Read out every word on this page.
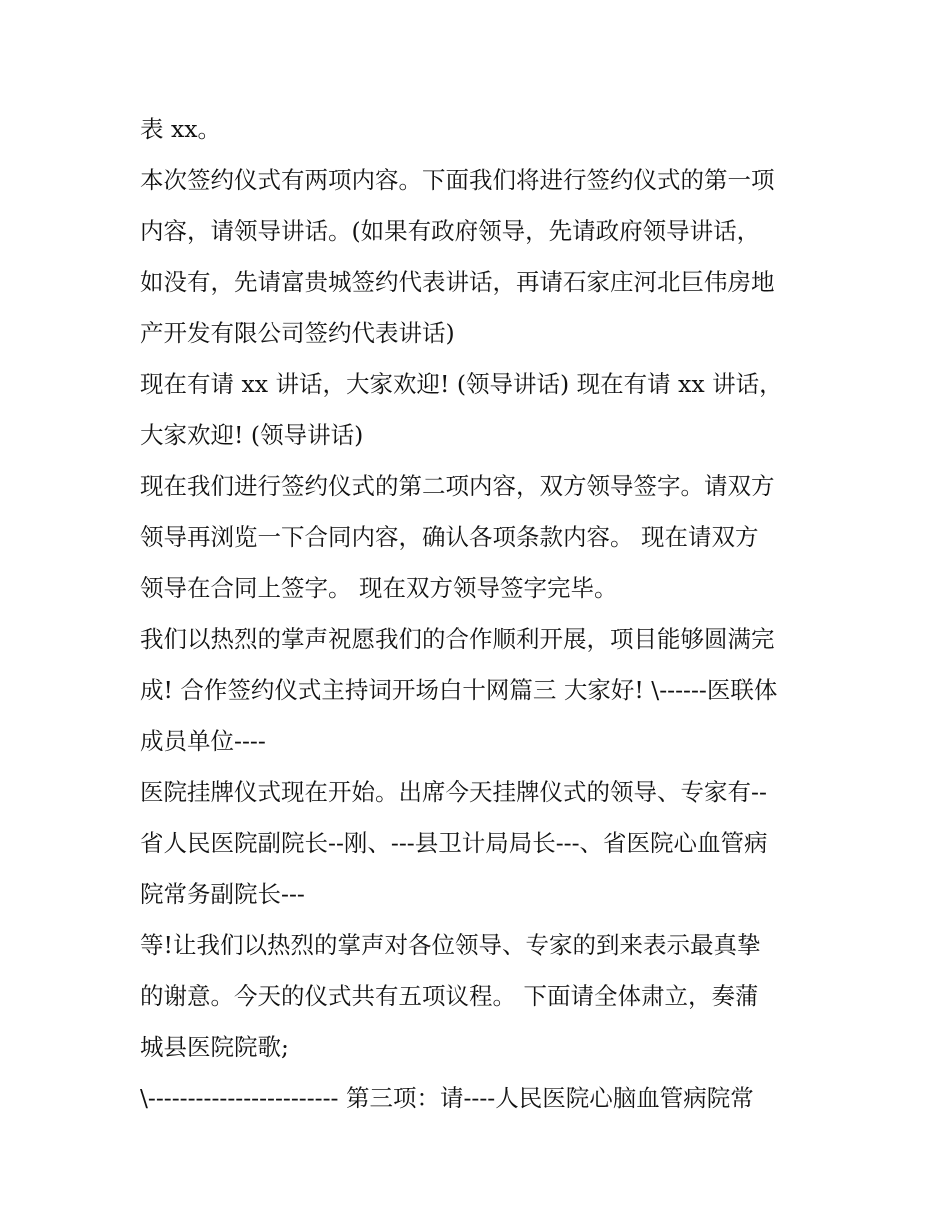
表 xx。
本次签约仪式有两项内容。下面我们将进行签约仪式的第一项
内容，请领导讲话。(如果有政府领导，先请政府领导讲话，
如没有，先请富贵城签约代表讲话，再请石家庄河北巨伟房地
产开发有限公司签约代表讲话)
现在有请 xx 讲话，大家欢迎! (领导讲话) 现在有请 xx 讲话，
大家欢迎! (领导讲话)
现在我们进行签约仪式的第二项内容，双方领导签字。请双方
领导再浏览一下合同内容，确认各项条款内容。 现在请双方
领导在合同上签字。 现在双方领导签字完毕。
我们以热烈的掌声祝愿我们的合作顺利开展，项目能够圆满完
成! 合作签约仪式主持词开场白十网篇三 大家好! \------医联体
成员单位----
医院挂牌仪式现在开始。出席今天挂牌仪式的领导、专家有--
省人民医院副院长--刚、---县卫计局局长---、省医院心血管病
院常务副院长---
等!让我们以热烈的掌声对各位领导、专家的到来表示最真挚
的谢意。今天的仪式共有五项议程。 下面请全体肃立，奏蒲
城县医院院歌;
\------------------------ 第三项：请----人民医院心脑血管病院常
